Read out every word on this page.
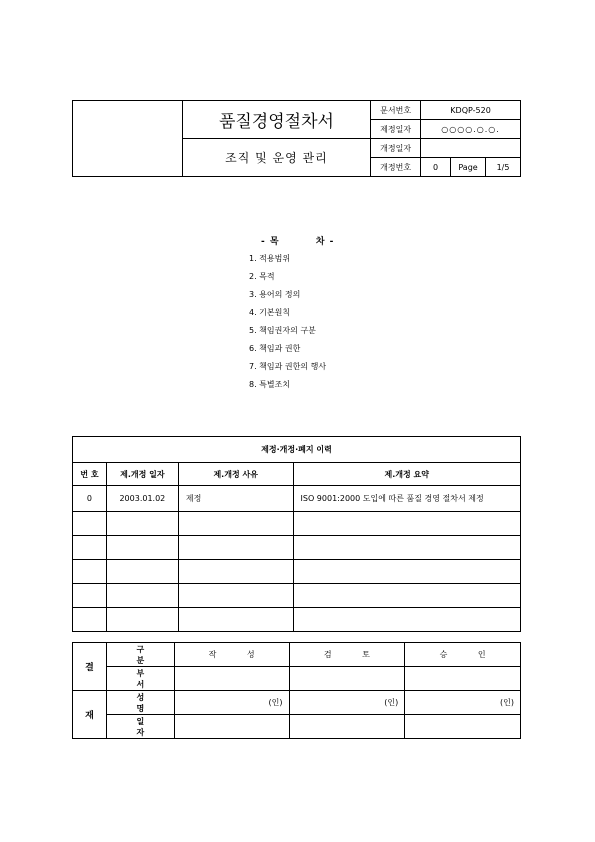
	품질경영절차서	문서번호	KDQP-520		
		제정일자	○○○○.○.○.		
	조직 및 운영 관리	개정일자			
		개정번호	0	Page	1/5
- 목	차 -
1. 적용범위
2. 목적
3. 용어의 정의
4. 기본원칙
5. 책임권자의 구분
6. 책임과 권한
7. 책임과 권한의 행사
8. 특별조치
제정·개정·폐지 이력			
번 호	제.개정 일자	제.개정 사유	제.개정 요약
0	2003.01.02	제정	ISO 9001:2000 도입에 따른 품질 경영 절차서 제정

결	구 분	작 성	검 토	승 인
	부 서			
재	성 명	(인)	(인)	(인)
	일 자			
